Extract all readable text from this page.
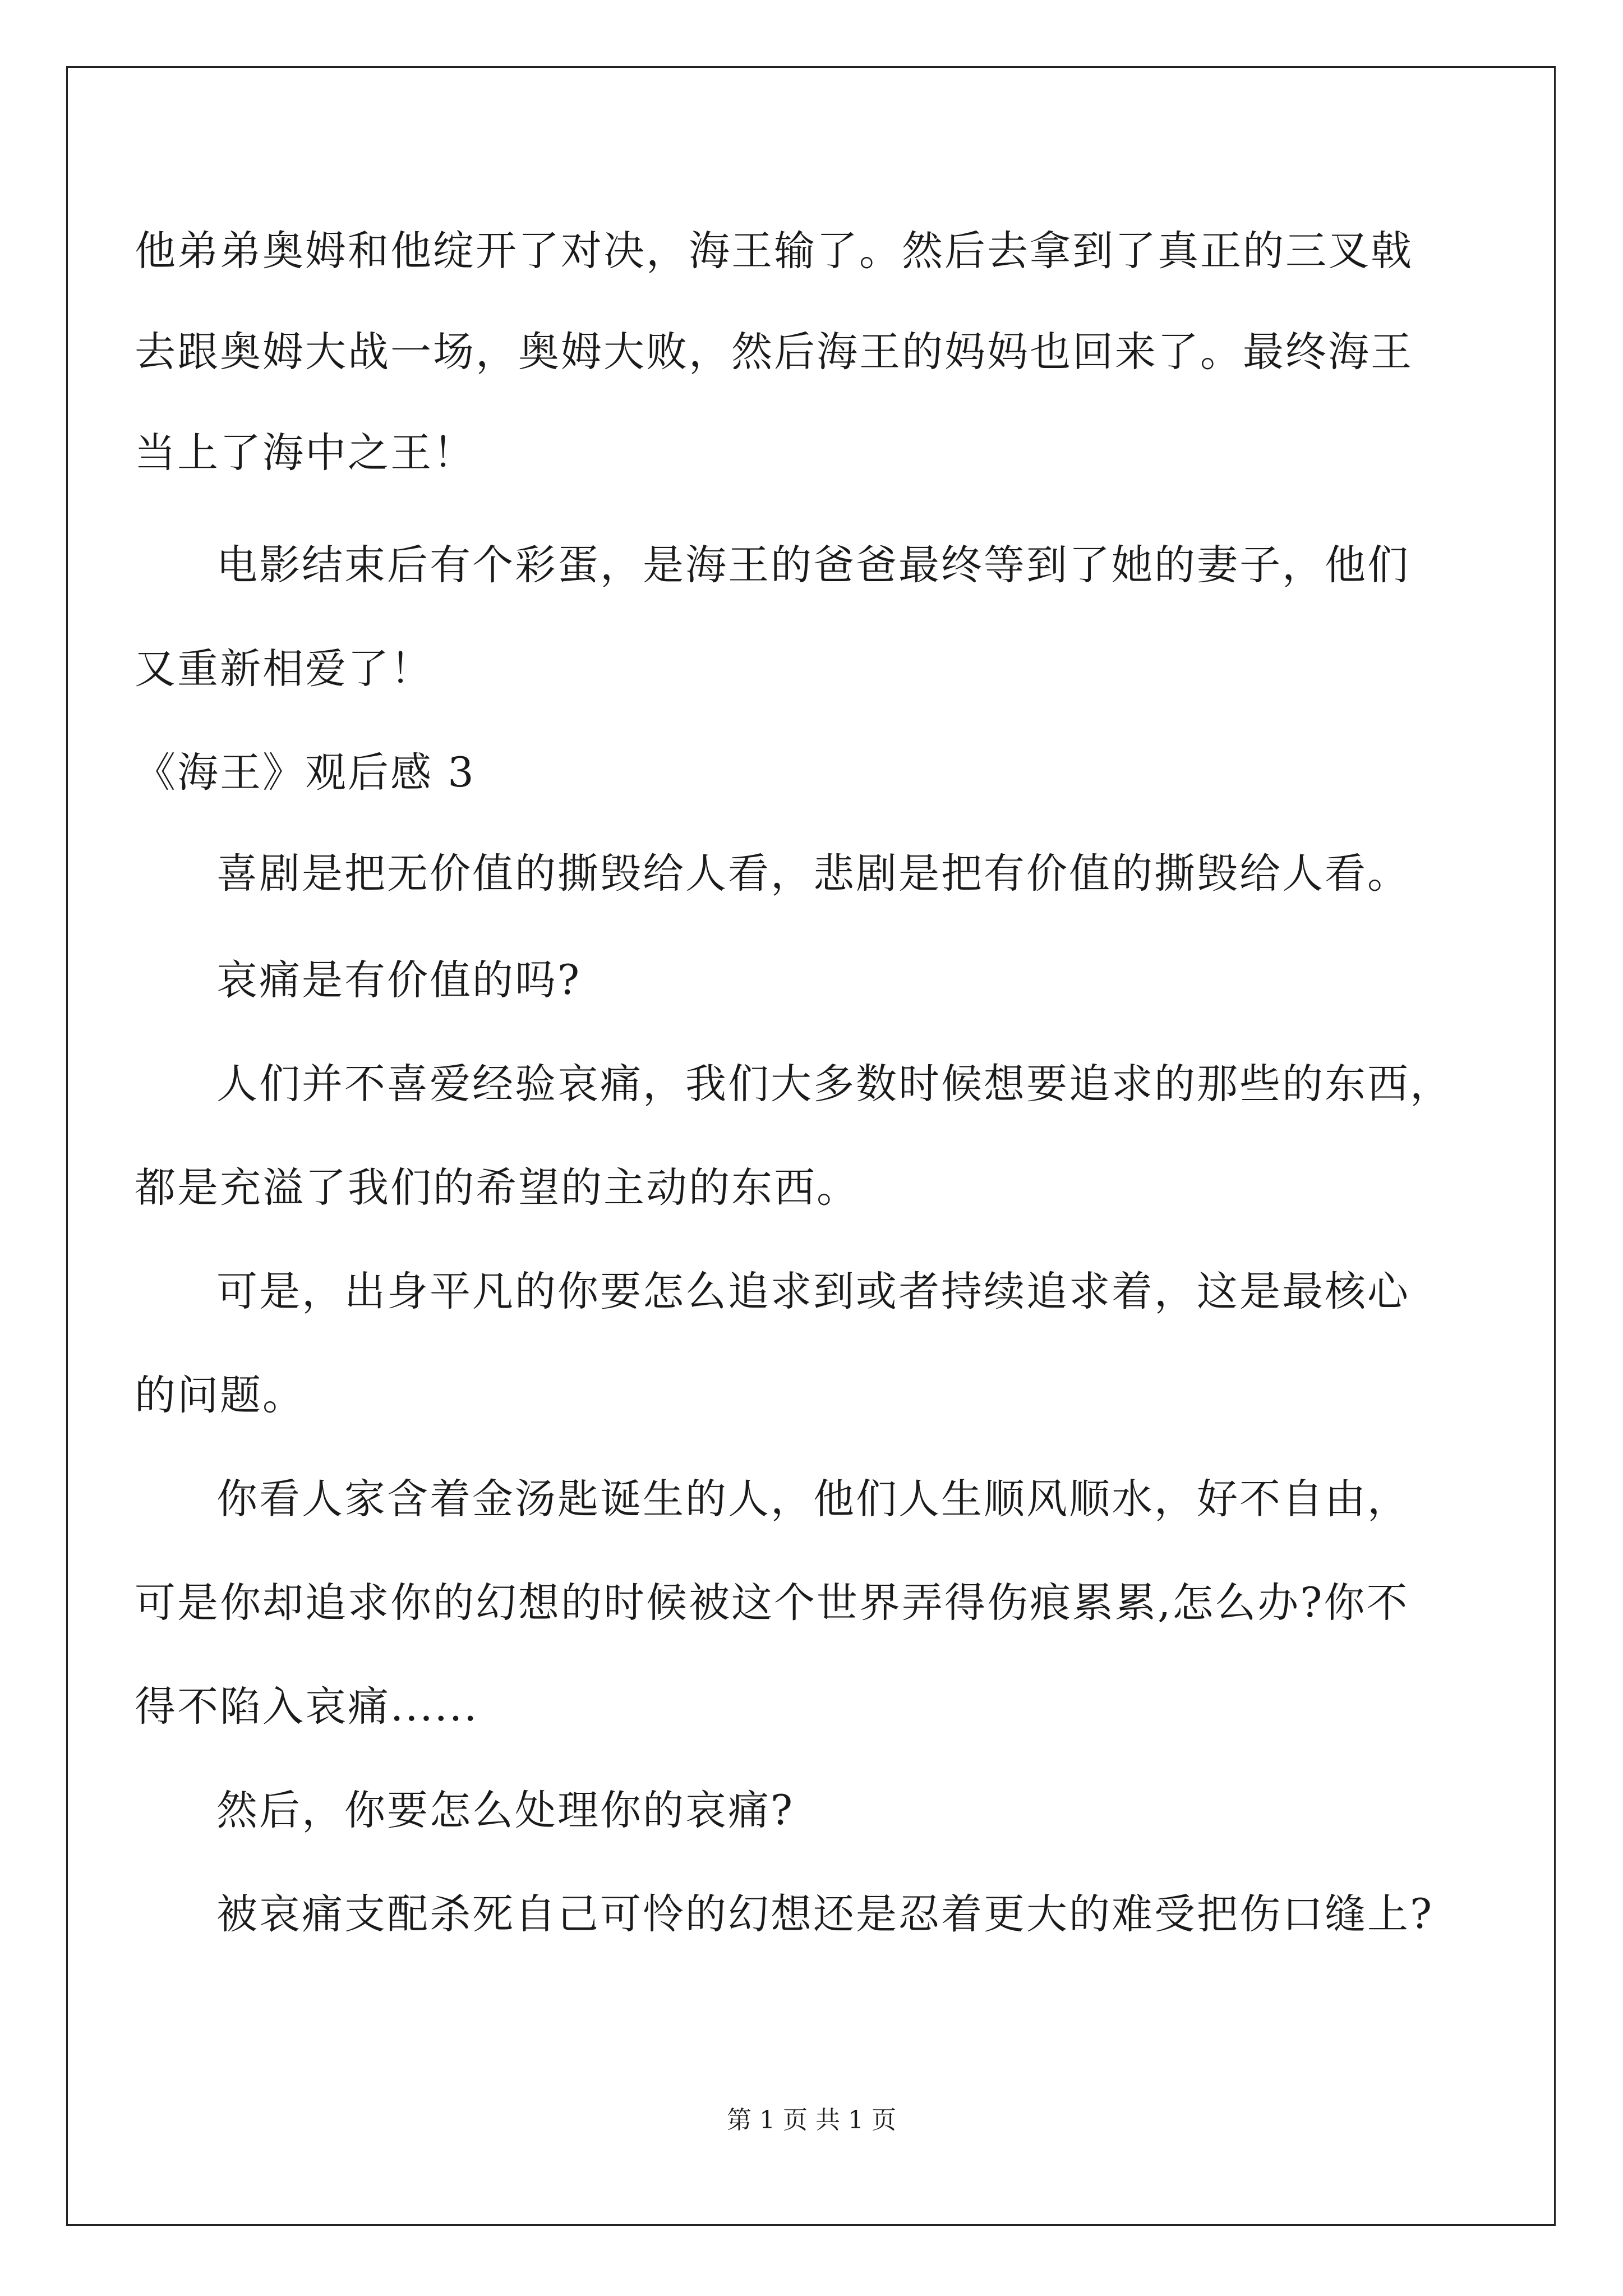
他弟弟奥姆和他绽开了对决，海王输了。然后去拿到了真正的三叉戟
去跟奥姆大战一场，奥姆大败，然后海王的妈妈也回来了。最终海王
当上了海中之王！
电影结束后有个彩蛋，是海王的爸爸最终等到了她的妻子，他们
又重新相爱了！
《海王》观后感 3
喜剧是把无价值的撕毁给人看，悲剧是把有价值的撕毁给人看。
哀痛是有价值的吗?
人们并不喜爱经验哀痛，我们大多数时候想要追求的那些的东西，
都是充溢了我们的希望的主动的东西。
可是，出身平凡的你要怎么追求到或者持续追求着，这是最核心
的问题。
你看人家含着金汤匙诞生的人，他们人生顺风顺水，好不自由，
可是你却追求你的幻想的时候被这个世界弄得伤痕累累,怎么办?你不
得不陷入哀痛......
然后，你要怎么处理你的哀痛?
被哀痛支配杀死自己可怜的幻想还是忍着更大的难受把伤口缝上?
第 1 页 共 1 页
